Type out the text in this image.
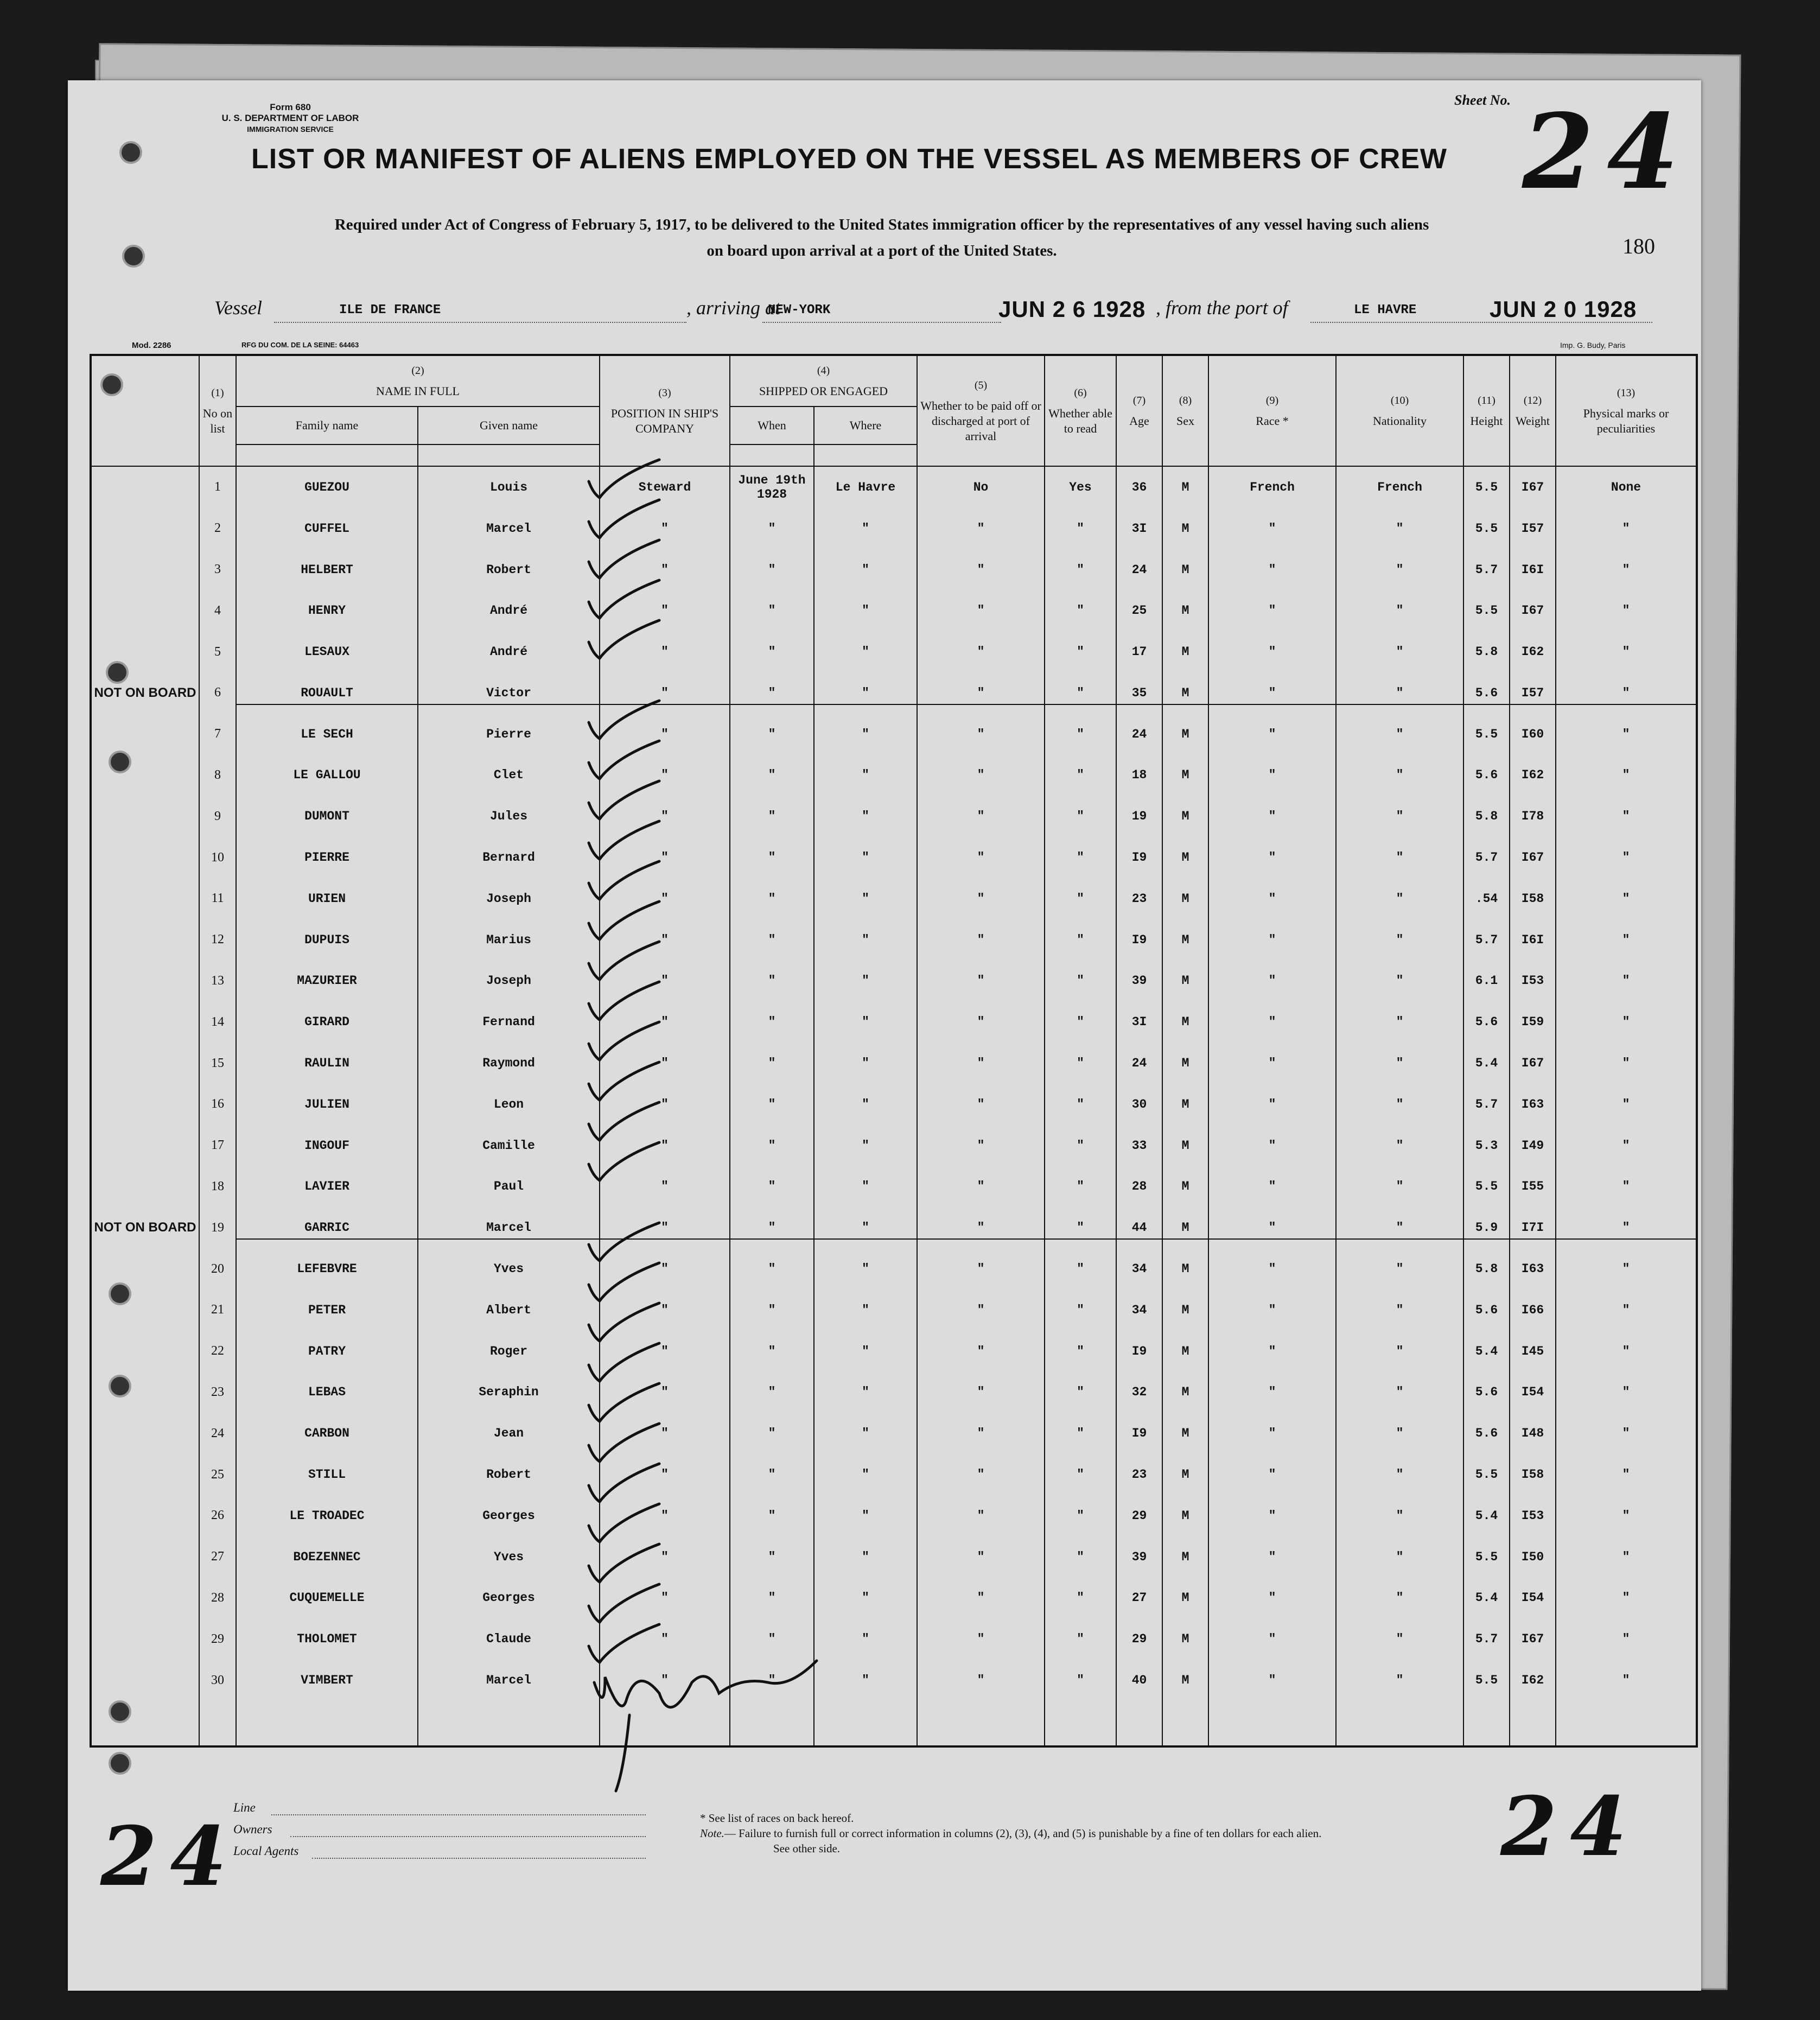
Form 680
U. S. DEPARTMENT OF LABOR
IMMIGRATION SERVICE
Sheet No. 24
LIST OR MANIFEST OF ALIENS EMPLOYED ON THE VESSEL AS MEMBERS OF CREW
Required under Act of Congress of February 5, 1917, to be delivered to the United States immigration officer by the representatives of any vessel having such aliens
on board upon arrival at a port of the United States.	180
Vessel	ILE DE FRANCE	, arriving at
NEW-YORK	JUN 2 6 1928 , from the port of	LE HAVRE	JUN 2 0 1928
Mod. 2286	RFG DU COM. DE LA SEINE: 64463	Imp. G. Budy, Paris
24	24
Line
Owners
Local Agents
* See list of races on back hereof.
Note.— Failure to furnish full or correct information in columns (2), (3), (4), and (5) is punishable by a fine of ten dollars for each alien.
See other side.

	(1)
No on list	(2)
NAME IN FULL		(3)
POSITION IN SHIP'S COMPANY	(4)
SHIPPED OR ENGAGED		(5)
Whether to be paid off or discharged at port of arrival	(6)
Whether able to read	(7)
Age	(8)
Sex	(9)
Race *	(10)
Nationality	(11)
Height	(12)
Weight	(13)
Physical marks or peculiarities
		Family name	Given name		When	Where									

	1	GUEZOU	Louis	Steward	June 19th 1928	Le Havre	No	Yes	36	M	French	French	5.5	I67	None
	2	CUFFEL	Marcel	"	"	"	"	"	3I	M	"	"	5.5	I57	"
	3	HELBERT	Robert	"	"	"	"	"	24	M	"	"	5.7	I6I	"
	4	HENRY	André	"	"	"	"	"	25	M	"	"	5.5	I67	"
	5	LESAUX	André	"	"	"	"	"	17	M	"	"	5.8	I62	"
NOT ON BOARD	6	ROUAULT	Victor	"	"	"	"	"	35	M	"	"	5.6	I57	"
	7	LE SECH	Pierre	"	"	"	"	"	24	M	"	"	5.5	I60	"
	8	LE GALLOU	Clet	"	"	"	"	"	18	M	"	"	5.6	I62	"
	9	DUMONT	Jules	"	"	"	"	"	19	M	"	"	5.8	I78	"
	10	PIERRE	Bernard	"	"	"	"	"	I9	M	"	"	5.7	I67	"
	11	URIEN	Joseph	"	"	"	"	"	23	M	"	"	.54	I58	"
	12	DUPUIS	Marius	"	"	"	"	"	I9	M	"	"	5.7	I6I	"
	13	MAZURIER	Joseph	"	"	"	"	"	39	M	"	"	6.1	I53	"
	14	GIRARD	Fernand	"	"	"	"	"	3I	M	"	"	5.6	I59	"
	15	RAULIN	Raymond	"	"	"	"	"	24	M	"	"	5.4	I67	"
	16	JULIEN	Leon	"	"	"	"	"	30	M	"	"	5.7	I63	"
	17	INGOUF	Camille	"	"	"	"	"	33	M	"	"	5.3	I49	"
	18	LAVIER	Paul	"	"	"	"	"	28	M	"	"	5.5	I55	"
NOT ON BOARD	19	GARRIC	Marcel	"	"	"	"	"	44	M	"	"	5.9	I7I	"
	20	LEFEBVRE	Yves	"	"	"	"	"	34	M	"	"	5.8	I63	"
	21	PETER	Albert	"	"	"	"	"	34	M	"	"	5.6	I66	"
	22	PATRY	Roger	"	"	"	"	"	I9	M	"	"	5.4	I45	"
	23	LEBAS	Seraphin	"	"	"	"	"	32	M	"	"	5.6	I54	"
	24	CARBON	Jean	"	"	"	"	"	I9	M	"	"	5.6	I48	"
	25	STILL	Robert	"	"	"	"	"	23	M	"	"	5.5	I58	"
	26	LE TROADEC	Georges	"	"	"	"	"	29	M	"	"	5.4	I53	"
	27	BOEZENNEC	Yves	"	"	"	"	"	39	M	"	"	5.5	I50	"
	28	CUQUEMELLE	Georges	"	"	"	"	"	27	M	"	"	5.4	I54	"
	29	THOLOMET	Claude	"	"	"	"	"	29	M	"	"	5.7	I67	"
	30	VIMBERT	Marcel	"	"	"	"	"	40	M	"	"	5.5	I62	"
